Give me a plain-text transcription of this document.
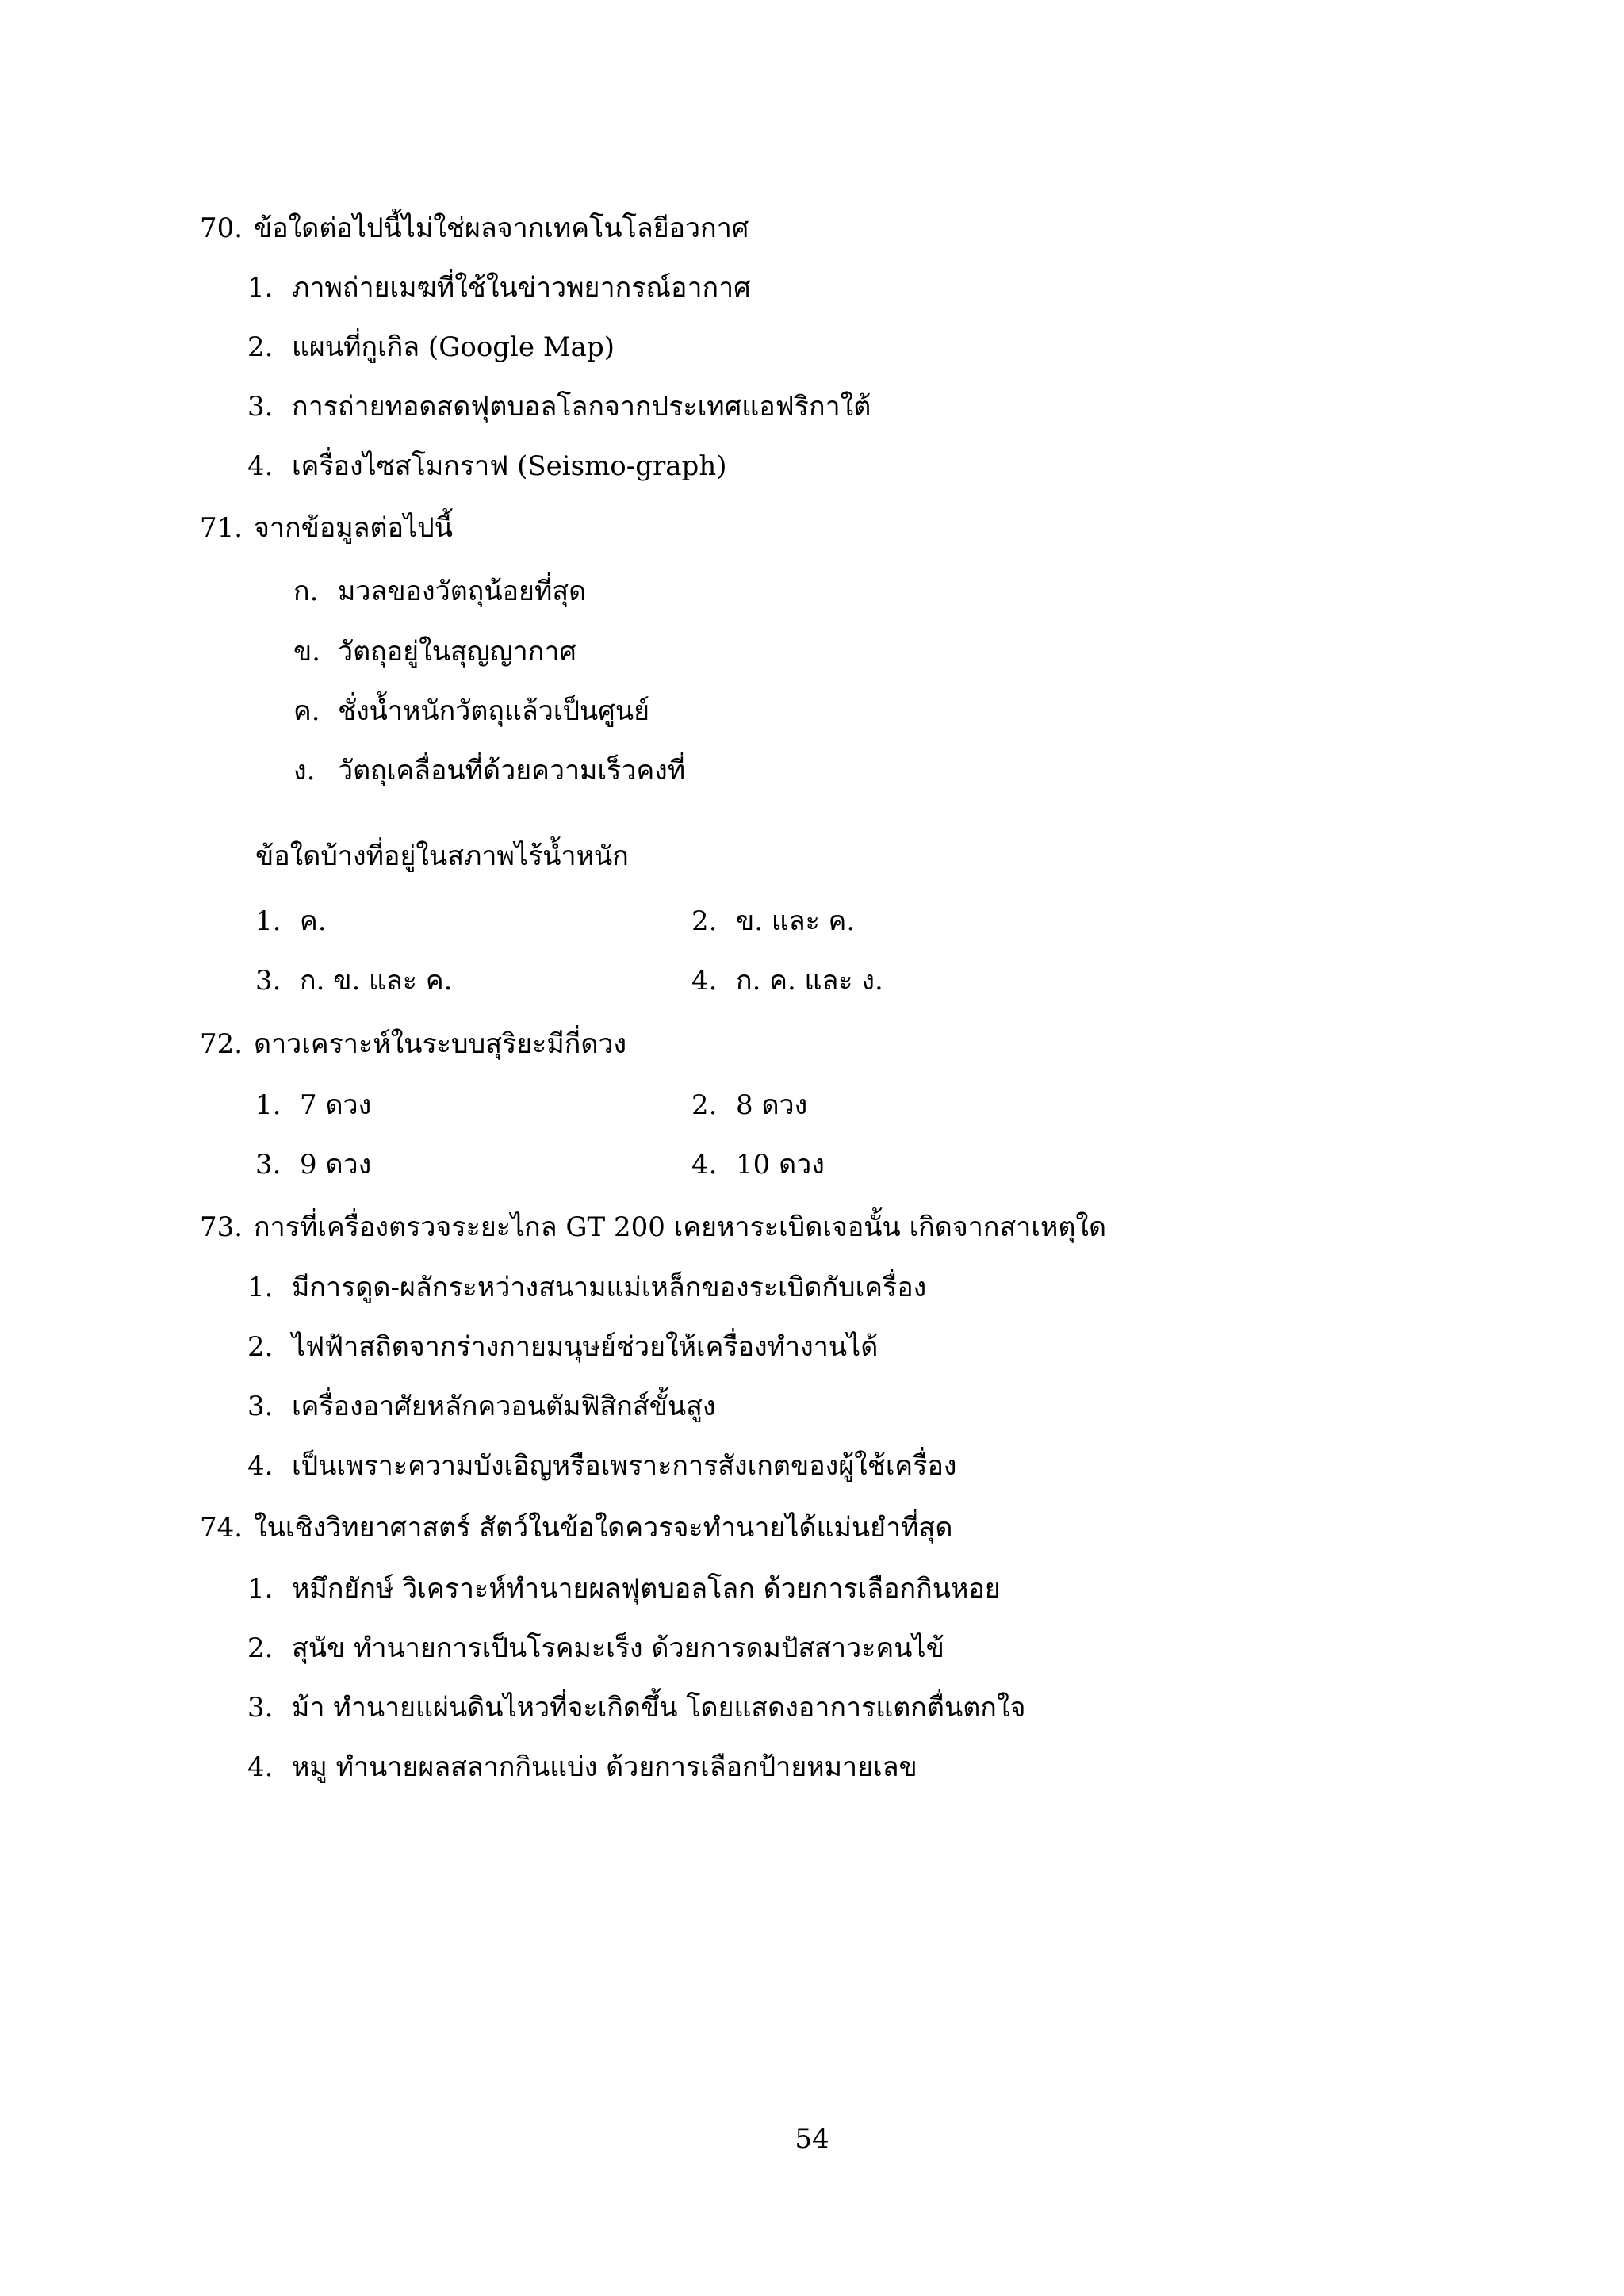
70. ข้อใดต่อไปนี้ไม่ใช่ผลจากเทคโนโลยีอวกาศ
1. ภาพถ่ายเมฆที่ใช้ในข่าวพยากรณ์อากาศ
2. แผนที่กูเกิล (Google Map)
3. การถ่ายทอดสดฟุตบอลโลกจากประเทศแอฟริกาใต้
4. เครื่องไซสโมกราฟ (Seismo-graph)
71. จากข้อมูลต่อไปนี้
ก. มวลของวัตถุน้อยที่สุด
ข. วัตถุอยู่ในสุญญากาศ
ค. ชั่งน้ำหนักวัตถุแล้วเป็นศูนย์
ง. วัตถุเคลื่อนที่ด้วยความเร็วคงที่
ข้อใดบ้างที่อยู่ในสภาพไร้น้ำหนัก
1. ค.	2. ข. และ ค.
3. ก. ข. และ ค.	4. ก. ค. และ ง.
72. ดาวเคราะห์ในระบบสุริยะมีกี่ดวง
1. 7 ดวง	2. 8 ดวง
3. 9 ดวง	4. 10 ดวง
73. การที่เครื่องตรวจระยะไกล GT 200 เคยหาระเบิดเจอนั้น เกิดจากสาเหตุใด
1. มีการดูด-ผลักระหว่างสนามแม่เหล็กของระเบิดกับเครื่อง
2. ไฟฟ้าสถิตจากร่างกายมนุษย์ช่วยให้เครื่องทำงานได้
3. เครื่องอาศัยหลักควอนตัมฟิสิกส์ขั้นสูง
4. เป็นเพราะความบังเอิญหรือเพราะการสังเกตของผู้ใช้เครื่อง
74. ในเชิงวิทยาศาสตร์ สัตว์ในข้อใดควรจะทำนายได้แม่นยำที่สุด
1. หมึกยักษ์ วิเคราะห์ทำนายผลฟุตบอลโลก ด้วยการเลือกกินหอย
2. สุนัข ทำนายการเป็นโรคมะเร็ง ด้วยการดมปัสสาวะคนไข้
3. ม้า ทำนายแผ่นดินไหวที่จะเกิดขึ้น โดยแสดงอาการแตกตื่นตกใจ
4. หมู ทำนายผลสลากกินแบ่ง ด้วยการเลือกป้ายหมายเลข
54
